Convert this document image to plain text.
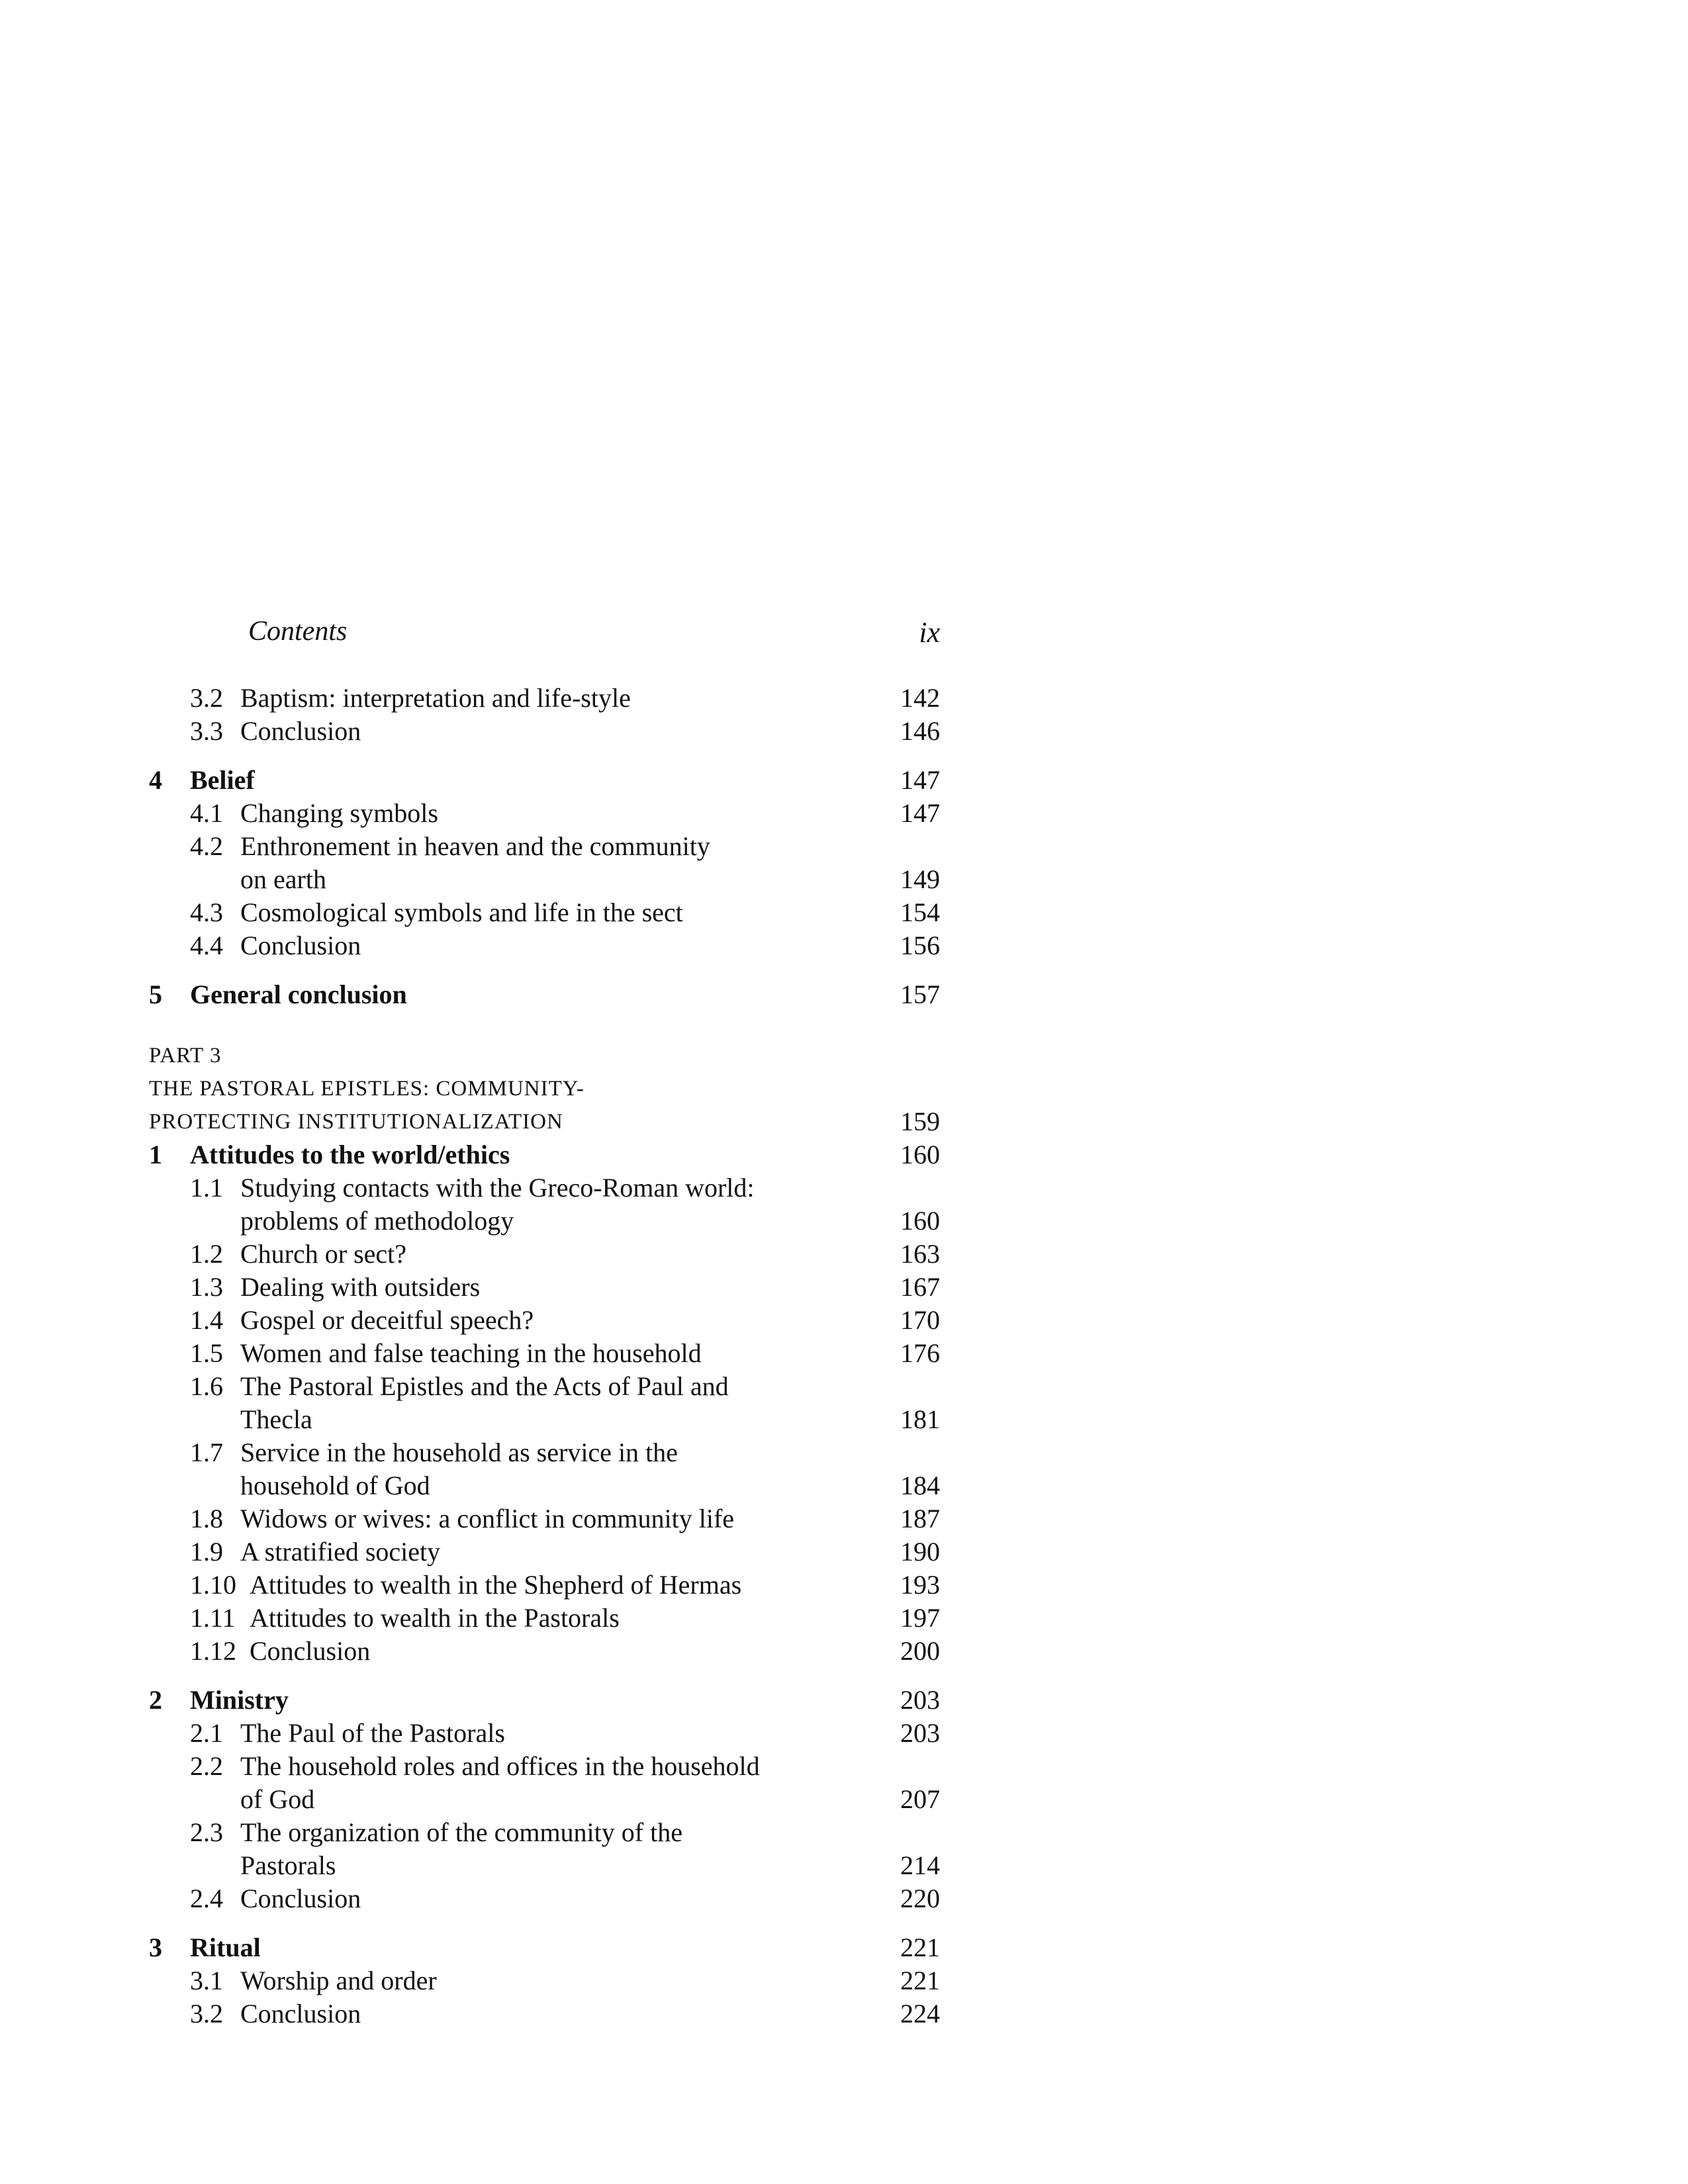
Contents	ix
3.2 Baptism: interpretation and life-style	142
3.3 Conclusion	146
4 Belief	147
4.1 Changing symbols	147
4.2 Enthronement in heaven and the community
on earth	149
4.3 Cosmological symbols and life in the sect	154
4.4 Conclusion	156
5 General conclusion	157
PART 3
THE PASTORAL EPISTLES: COMMUNITY-
PROTECTING INSTITUTIONALIZATION	159
1 Attitudes to the world/ethics	160
1.1 Studying contacts with the Greco-Roman world:
problems of methodology	160
1.2 Church or sect?	163
1.3 Dealing with outsiders	167
1.4 Gospel or deceitful speech?	170
1.5 Women and false teaching in the household	176
1.6 The Pastoral Epistles and the Acts of Paul and
Thecla	181
1.7 Service in the household as service in the
household of God	184
1.8 Widows or wives: a conflict in community life	187
1.9 A stratified society	190
1.10 Attitudes to wealth in the Shepherd of Hermas	193
1.11 Attitudes to wealth in the Pastorals	197
1.12 Conclusion	200
2 Ministry	203
2.1 The Paul of the Pastorals	203
2.2 The household roles and offices in the household
of God	207
2.3 The organization of the community of the
Pastorals	214
2.4 Conclusion	220
3 Ritual	221
3.1 Worship and order	221
3.2 Conclusion	224
